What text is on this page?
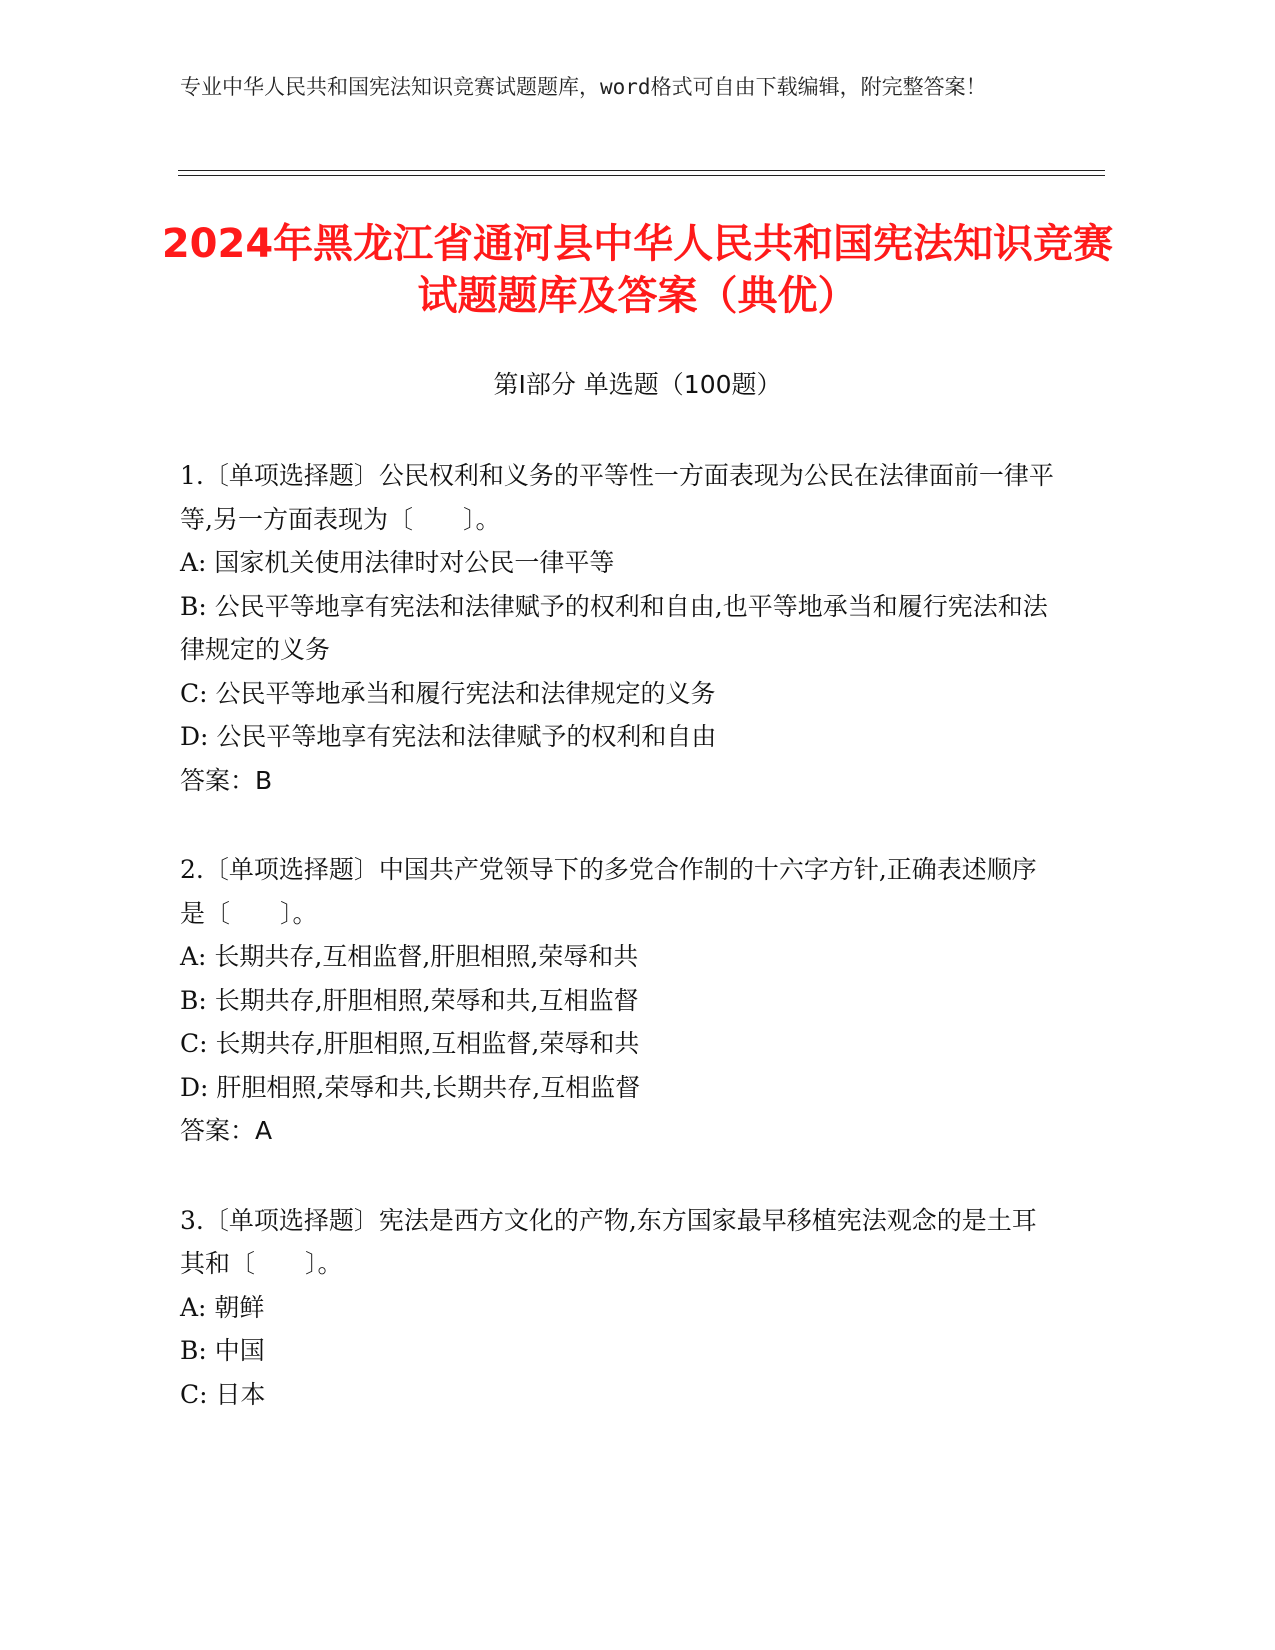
专业中华人民共和国宪法知识竞赛试题题库，word格式可自由下载编辑，附完整答案！
2024年黑龙江省通河县中华人民共和国宪法知识竞赛试题题库及答案（典优）
第Ⅰ部分 单选题（100题）

1.〔单项选择题〕公民权利和义务的平等性一方面表现为公民在法律面前一律平等,另一方面表现为〔　　〕。

A: 国家机关使用法律时对公民一律平等

B: 公民平等地享有宪法和法律赋予的权利和自由,也平等地承当和履行宪法和法律规定的义务

C: 公民平等地承当和履行宪法和法律规定的义务

D: 公民平等地享有宪法和法律赋予的权利和自由

答案：B

2.〔单项选择题〕中国共产党领导下的多党合作制的十六字方针,正确表述顺序是〔　　〕。

A: 长期共存,互相监督,肝胆相照,荣辱和共

B: 长期共存,肝胆相照,荣辱和共,互相监督

C: 长期共存,肝胆相照,互相监督,荣辱和共

D: 肝胆相照,荣辱和共,长期共存,互相监督

答案：A

3.〔单项选择题〕宪法是西方文化的产物,东方国家最早移植宪法观念的是土耳其和〔　　〕。

A: 朝鲜

B: 中国

C: 日本
